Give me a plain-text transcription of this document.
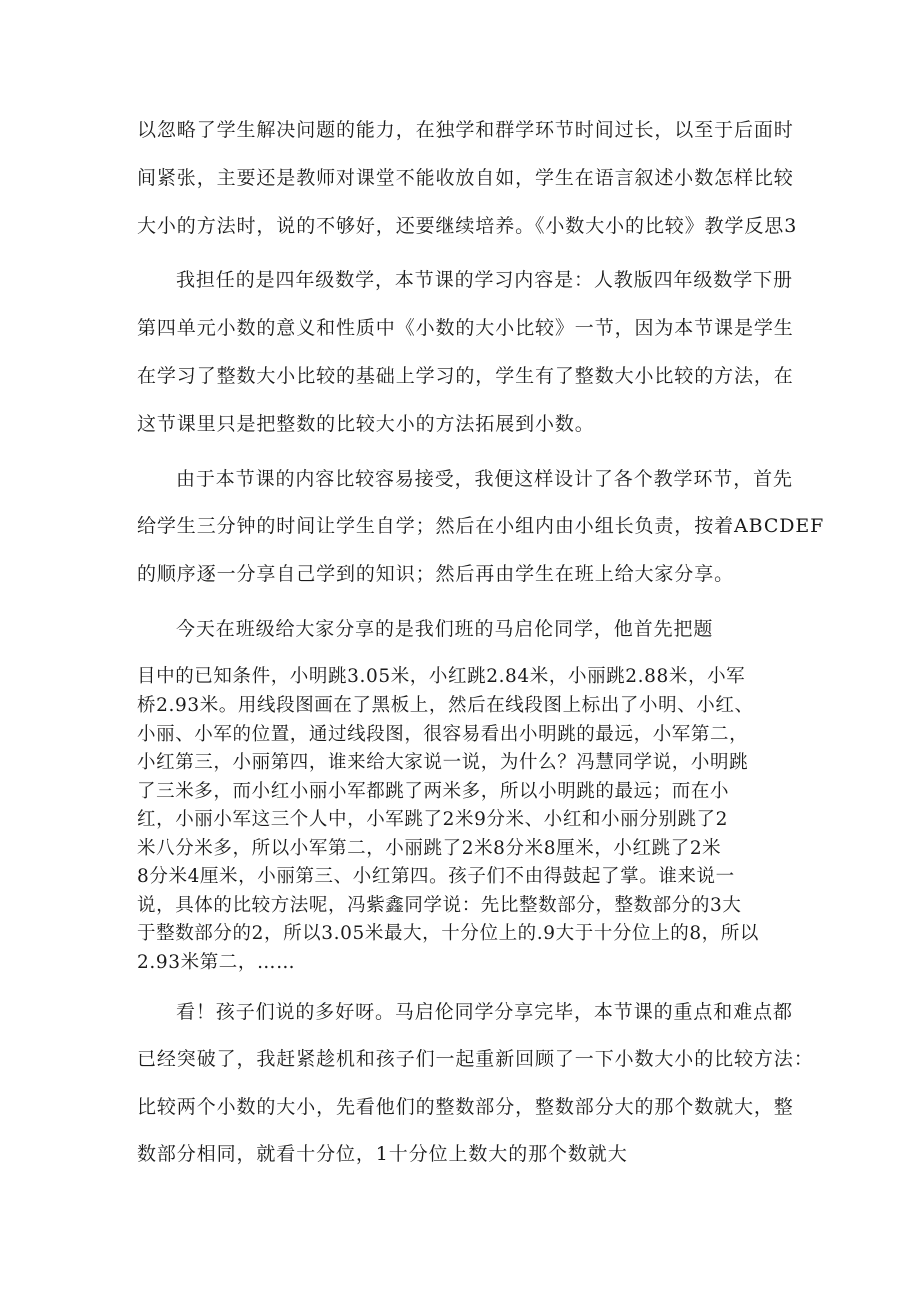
以忽略了学生解决问题的能力，在独学和群学环节时间过长，以至于后面时
间紧张，主要还是教师对课堂不能收放自如，学生在语言叙述小数怎样比较
大小的方法时，说的不够好，还要继续培养。《小数大小的比较》教学反思3
我担任的是四年级数学，本节课的学习内容是：人教版四年级数学下册
第四单元小数的意义和性质中《小数的大小比较》一节，因为本节课是学生
在学习了整数大小比较的基础上学习的，学生有了整数大小比较的方法，在
这节课里只是把整数的比较大小的方法拓展到小数。
由于本节课的内容比较容易接受，我便这样设计了各个教学环节，首先
给学生三分钟的时间让学生自学；然后在小组内由小组长负责，按着ABCDEF
的顺序逐一分享自己学到的知识；然后再由学生在班上给大家分享。
今天在班级给大家分享的是我们班的马启伦同学，他首先把题
目中的已知条件，小明跳3.05米，小红跳2.84米，小丽跳2.88米，小军
桥2.93米。用线段图画在了黑板上，然后在线段图上标出了小明、小红、
小丽、小军的位置，通过线段图，很容易看出小明跳的最远，小军第二，
小红第三，小丽第四，谁来给大家说一说，为什么？冯慧同学说，小明跳
了三米多，而小红小丽小军都跳了两米多，所以小明跳的最远；而在小
红，小丽小军这三个人中，小军跳了2米9分米、小红和小丽分别跳了2
米八分米多，所以小军第二，小丽跳了2米8分米8厘米，小红跳了2米
8分米4厘米，小丽第三、小红第四。孩子们不由得鼓起了掌。谁来说一
说，具体的比较方法呢，冯紫鑫同学说：先比整数部分，整数部分的3大
于整数部分的2，所以3.05米最大，十分位上的.9大于十分位上的8，所以
2.93米第二，……
看！孩子们说的多好呀。马启伦同学分享完毕，本节课的重点和难点都
已经突破了，我赶紧趁机和孩子们一起重新回顾了一下小数大小的比较方法：
比较两个小数的大小，先看他们的整数部分，整数部分大的那个数就大，整
数部分相同，就看十分位，1十分位上数大的那个数就大
